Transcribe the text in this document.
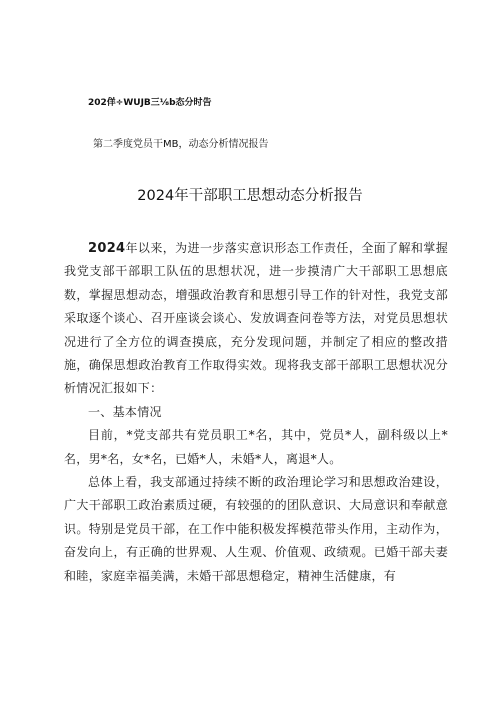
202佯÷WUJB三⅛b态分时告
第二季度党员干MB，动态分析情况报告
2024年干部职工思想动态分析报告

2024年以来，为进一步落实意识形态工作责任，全面了解和掌握我党支部干部职工队伍的思想状况，进一步摸清广大干部职工思想底数，掌握思想动态，增强政治教育和思想引导工作的针对性，我党支部采取逐个谈心、召开座谈会谈心、发放调查问卷等方法，对党员思想状况进行了全方位的调查摸底，充分发现问题，并制定了相应的整改措施，确保思想政治教育工作取得实效。现将我支部干部职工思想状况分析情况汇报如下：

一、基本情况

目前，*党支部共有党员职工*名，其中，党员*人，副科级以上*名，男*名，女*名，已婚*人，未婚*人，离退*人。

总体上看，我支部通过持续不断的政治理论学习和思想政治建设，广大干部职工政治素质过硬，有较强的的团队意识、大局意识和奉献意识。特别是党员干部，在工作中能积极发挥模范带头作用，主动作为，奋发向上，有正确的世界观、人生观、价值观、政绩观。已婚干部夫妻和睦，家庭幸福美满，未婚干部思想稳定，精神生活健康，有
